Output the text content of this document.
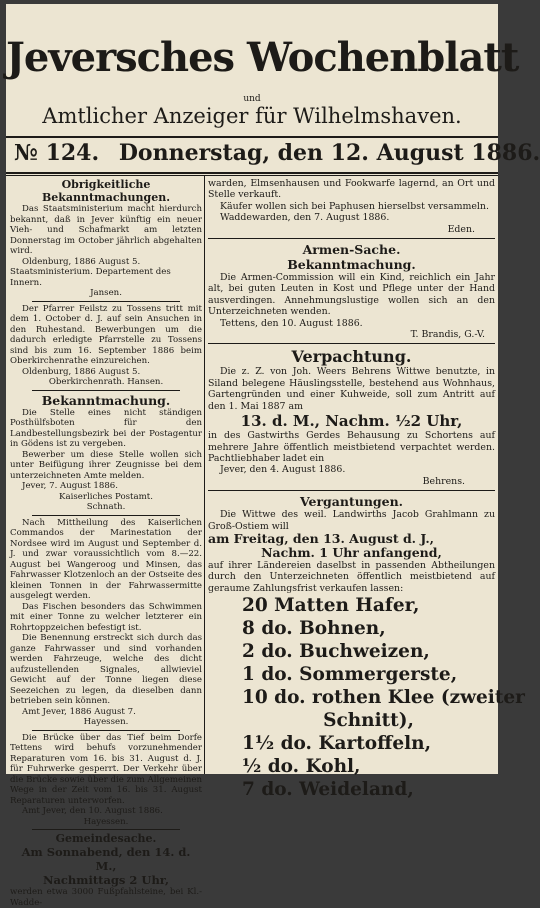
Jeversches Wochenblatt
und
Amtlicher Anzeiger für Wilhelmshaven.
№ 124. Donnerstag, den 12. August 1886.
Obrigkeitliche Bekanntmachungen.
Das Staatsministerium macht hierdurch bekannt, daß in Jever künftig ein neuer Vieh- und Schafmarkt am letzten Donnerstag im October jährlich abgehalten wird.
Oldenburg, 1886 August 5.
Staatsministerium. Departement des Innern.
Jansen.
Der Pfarrer Feilstz zu Tossens tritt mit dem 1. October d. J. auf sein Ansuchen in den Ruhestand. Bewerbungen um die dadurch erledigte Pfarrstelle zu Tossens sind bis zum 16. September 1886 beim Oberkirchenrathe einzureichen.
Oldenburg, 1886 August 5.
Oberkirchenrath. Hansen.
Bekanntmachung.
Die Stelle eines nicht ständigen Posthülfsboten für den Landbestellungsbezirk bei der Postagentur in Gödens ist zu vergeben.
Bewerber um diese Stelle wollen sich unter Beifügung ihrer Zeugnisse bei dem unterzeichneten Amte melden.
Jever, 7. August 1886.
Kaiserliches Postamt.
Schnath.
Nach Mittheilung des Kaiserlichen Commandos der Marinestation der Nordsee wird im August und September d. J. und zwar voraussichtlich vom 8.—22. August bei Wangeroog und Minsen, das Fahrwasser Klotzenloch an der Ostseite des kleinen Tonnen in der Fahrwassermitte ausgelegt werden.
Das Fischen besonders das Schwimmen mit einer Tonne zu welcher letzterer ein Rohrtoppzeichen befestigt ist.
Die Benennung erstreckt sich durch das ganze Fahrwasser und sind vorhanden werden Fahrzeuge, welche des dicht aufzustellenden Signales, allwieviel Gewicht auf der Tonne liegen diese Seezeichen zu legen, da dieselben dann betrieben sein können.
Amt Jever, 1886 August 7.
Hayessen.
Die Brücke über das Tief beim Dorfe Tettens wird behufs vorzunehmender Reparaturen vom 16. bis 31. August d. J. für Fuhrwerke gesperrt. Der Verkehr über die Brücke sowie über die zum Allgemeinen Wege in der Zeit vom 16. bis 31. August Reparaturen unterworfen.
Amt Jever, den 10. August 1886.
Hayessen.
Gemeindesache.
Am Sonnabend, den 14. d. M.,
Nachmittags 2 Uhr,
werden etwa 3000 Fußpfahlsteine, bei Kl.-Wadde-
warden, Elmsenhausen und Fookwarfe lagernd, an Ort und Stelle verkauft.
Käufer wollen sich bei Paphusen hierselbst versammeln.
Waddewarden, den 7. August 1886.
Eden.
Armen-Sache.
Bekanntmachung.
Die Armen-Commission will ein Kind, reichlich ein Jahr alt, bei guten Leuten in Kost und Pflege unter der Hand ausverdingen. Annehmungslustige wollen sich an den Unterzeichneten wenden.
Tettens, den 10. August 1886.
T. Brandis, G.-V.
Verpachtung.
Die z. Z. von Joh. Weers Behrens Wittwe benutzte, in Siland belegene Häuslingsstelle, bestehend aus Wohnhaus, Gartengründen und einer Kuhweide, soll zum Antritt auf den 1. Mai 1887 am
13. d. M., Nachm. ½2 Uhr,
in des Gastwirths Gerdes Behausung zu Schortens auf mehrere Jahre öffentlich meistbietend verpachtet werden. Pachtliebhaber ladet ein
Jever, den 4. August 1886.
Behrens.
Vergantungen.
Die Wittwe des weil. Landwirths Jacob Grahlmann zu Groß-Ostiem will
am Freitag, den 13. August d. J.,
Nachm. 1 Uhr anfangend,
auf ihrer Ländereien daselbst in passenden Abtheilungen durch den Unterzeichneten öffentlich meistbietend auf geraume Zahlungsfrist verkaufen lassen:
20 Matten Hafer,
8 do. Bohnen,
2 do. Buchweizen,
1 do. Sommergerste,
10 do. rothen Klee (zweiter
Schnitt),
1½ do. Kartoffeln,
½ do. Kohl,
7 do. Weideland,
